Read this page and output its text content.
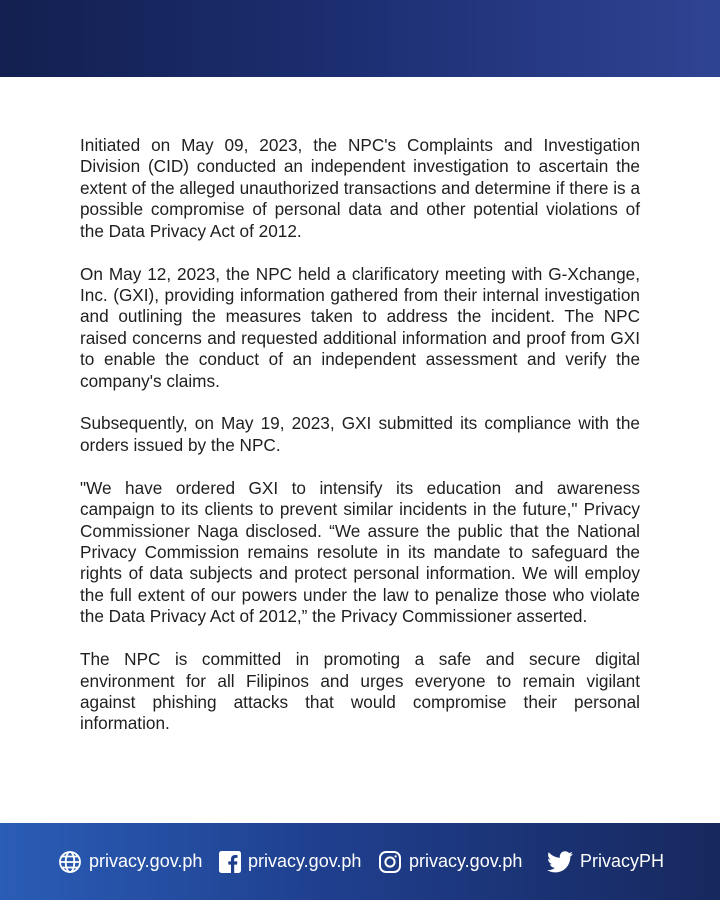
Initiated on May 09, 2023, the NPC's Complaints and Investigation Division (CID) conducted an independent investigation to ascertain the extent of the alleged unauthorized transactions and determine if there is a possible compromise of personal data and other potential violations of the Data Privacy Act of 2012.

On May 12, 2023, the NPC held a clarificatory meeting with G-Xchange, Inc. (GXI), providing information gathered from their internal investigation and outlining the measures taken to address the incident. The NPC raised concerns and requested additional information and proof from GXI to enable the conduct of an independent assessment and verify the company's claims.

Subsequently, on May 19, 2023, GXI submitted its compliance with the orders issued by the NPC.

"We have ordered GXI to intensify its education and awareness campaign to its clients to prevent similar incidents in the future," Privacy Commissioner Naga disclosed. “We assure the public that the National Privacy Commission remains resolute in its mandate to safeguard the rights of data subjects and protect personal information. We will employ the full extent of our powers under the law to penalize those who violate the Data Privacy Act of 2012,” the Privacy Commissioner asserted.

The NPC is committed in promoting a safe and secure digital environment for all Filipinos and urges everyone to remain vigilant against phishing attacks that would compromise their personal information.

privacy.gov.ph	privacy.gov.ph	privacy.gov.ph	PrivacyPH
